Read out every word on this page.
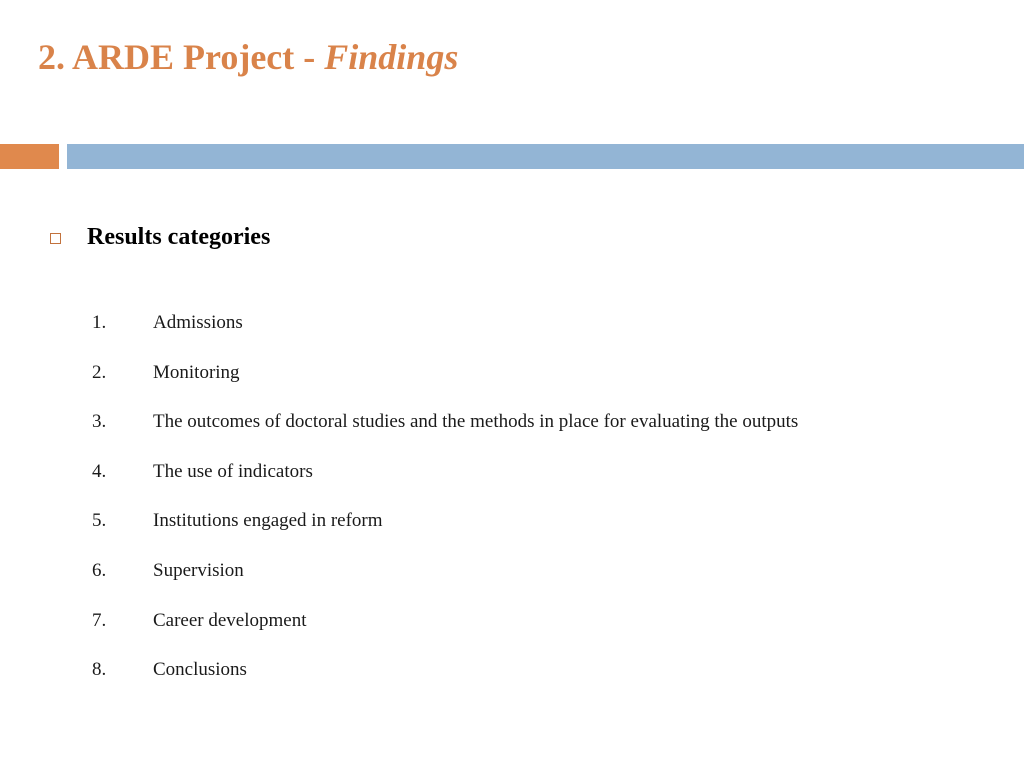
2. ARDE Project - Findings
Results categories
1.	Admissions
2.	Monitoring
3.	The outcomes of doctoral studies and the methods in place for evaluating the outputs
4.	The use of indicators
5.	Institutions engaged in reform
6.	Supervision
7.	Career development
8.	Conclusions
